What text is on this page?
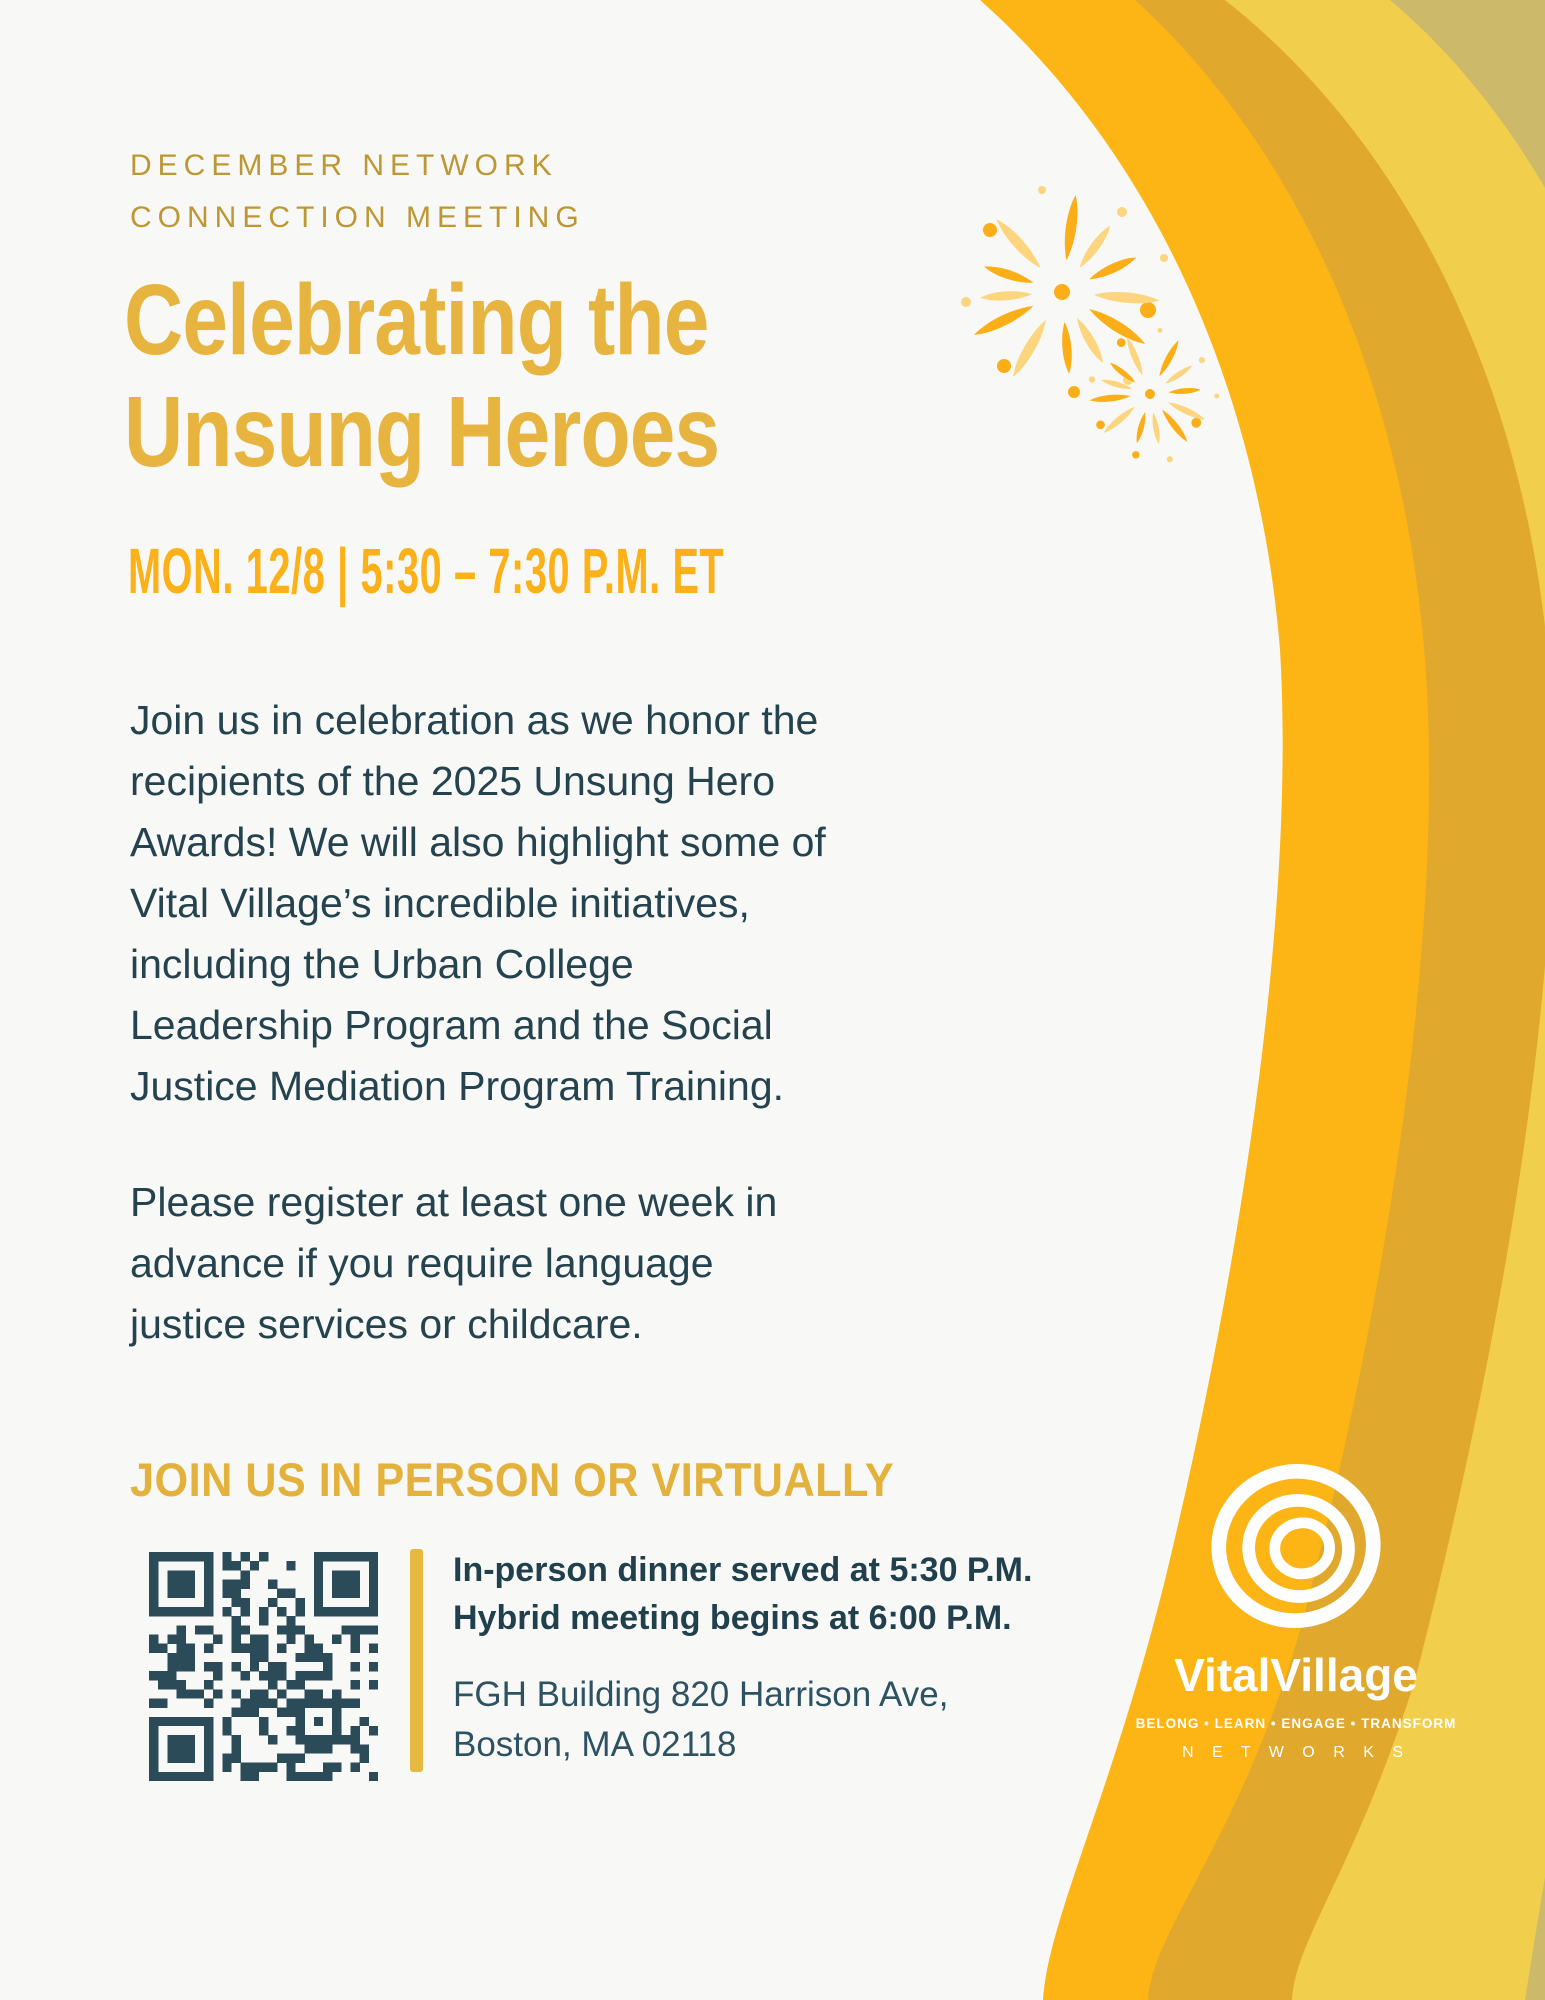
DECEMBER NETWORK
CONNECTION MEETING
Celebrating the
Unsung Heroes
MON. 12/8 | 5:30 – 7:30 P.M. ET
Join us in celebration as we honor the
recipients of the 2025 Unsung Hero
Awards! We will also highlight some of
Vital Village’s incredible initiatives,
including the Urban College
Leadership Program and the Social
Justice Mediation Program Training.
Please register at least one week in
advance if you require language
justice services or childcare.
JOIN US IN PERSON OR VIRTUALLY
In-person dinner served at 5:30 P.M.
Hybrid meeting begins at 6:00 P.M.
FGH Building 820 Harrison Ave,
Boston, MA 02118
VitalVillage
BELONG • LEARN • ENGAGE • TRANSFORM
N E T W O R K S
